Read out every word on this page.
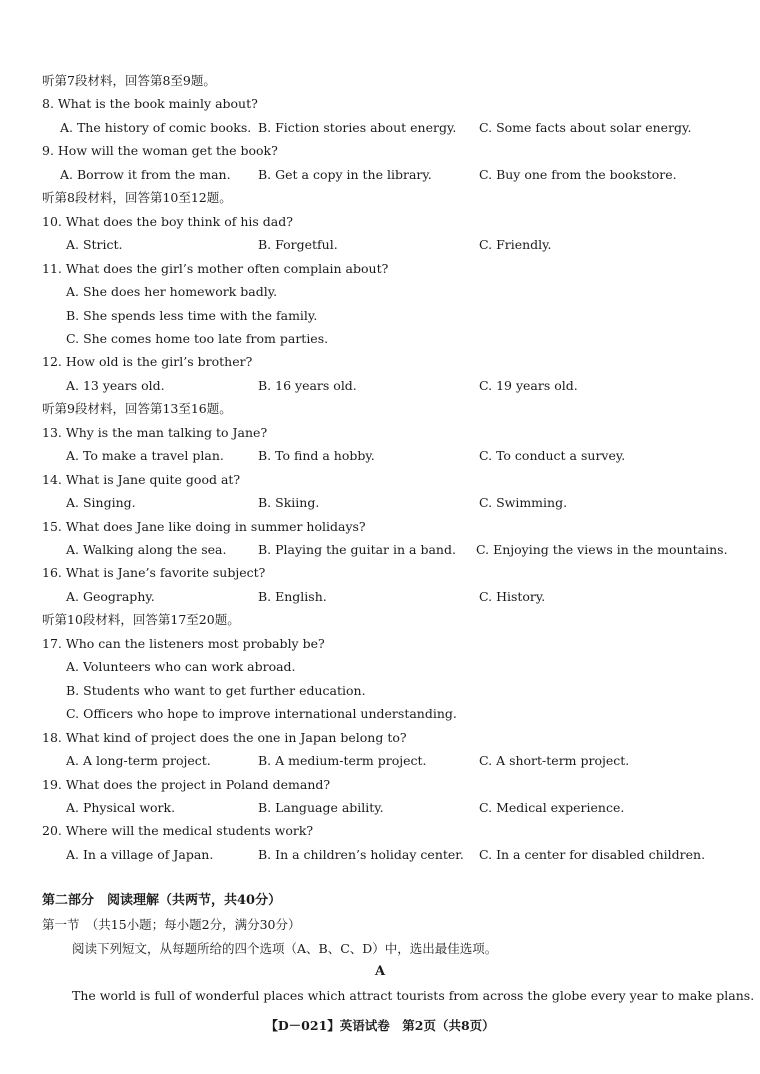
听第7段材料，回答第8至9题。
8. What is the book mainly about?
A. The history of comic books. B. Fiction stories about energy. C. Some facts about solar energy.
9. How will the woman get the book?
A. Borrow it from the man. B. Get a copy in the library.	C. Buy one from the bookstore.
听第8段材料，回答第10至12题。
10. What does the boy think of his dad?
A. Strict.	B. Forgetful.	C. Friendly.
11. What does the girl’s mother often complain about?
A. She does her homework badly.
B. She spends less time with the family.
C. She comes home too late from parties.
12. How old is the girl’s brother?
A. 13 years old.	B. 16 years old.	C. 19 years old.
听第9段材料，回答第13至16题。
13. Why is the man talking to Jane?
A. To make a travel plan.	B. To find a hobby.	C. To conduct a survey.
14. What is Jane quite good at?
A. Singing.	B. Skiing.	C. Swimming.
15. What does Jane like doing in summer holidays?
A. Walking along the sea.	B. Playing the guitar in a band. C. Enjoying the views in the mountains.
16. What is Jane’s favorite subject?
A. Geography.	B. English.	C. History.
听第10段材料，回答第17至20题。
17. Who can the listeners most probably be?
A. Volunteers who can work abroad.
B. Students who want to get further education.
C. Officers who hope to improve international understanding.
18. What kind of project does the one in Japan belong to?
A. A long-term project.	B. A medium-term project.	C. A short-term project.
19. What does the project in Poland demand?
A. Physical work.	B. Language ability.	C. Medical experience.
20. Where will the medical students work?
A. In a village of Japan.	B. In a children’s holiday center. C. In a center for disabled children.
第二部分　阅读理解（共两节，共40分）
第一节　（共15小题；每小题2分，满分30分）
阅读下列短文，从每题所给的四个选项（A、B、C、D）中，选出最佳选项。
A
The world is full of wonderful places which attract tourists from across the globe every year to make plans.
【D－021】英语试卷　第2页（共8页）
